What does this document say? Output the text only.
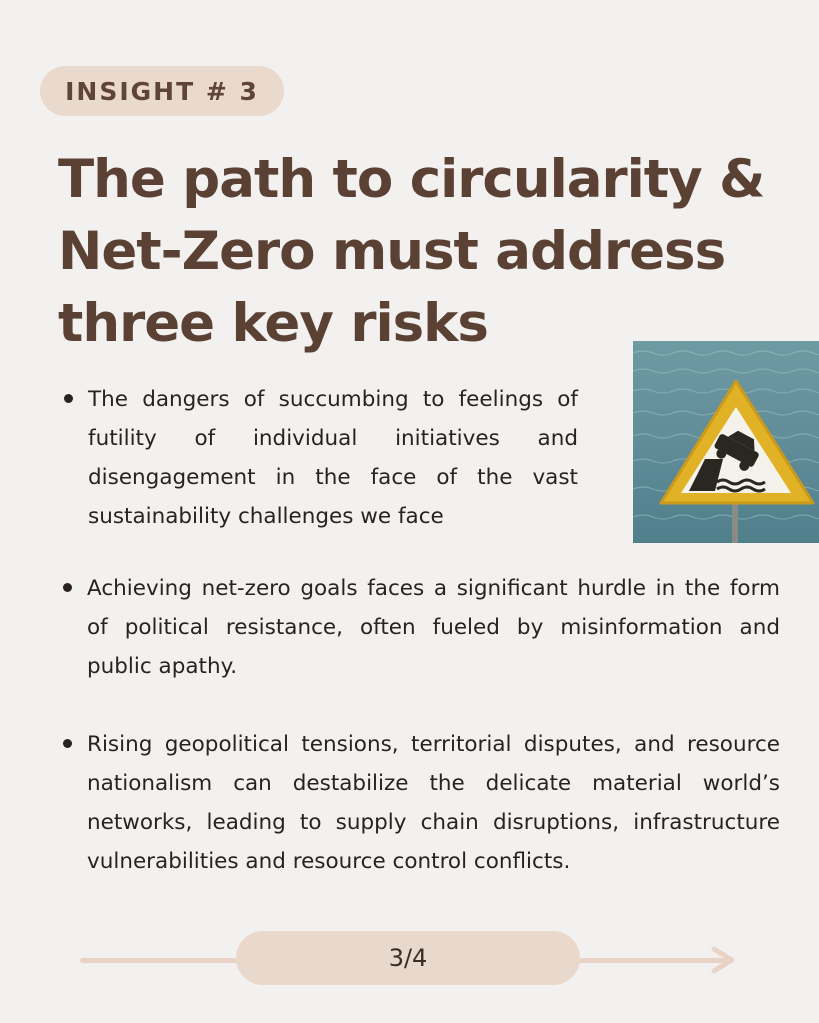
INSIGHT # 3
The path to circularity &
Net-Zero must address
three key risks
The dangers of succumbing to feelings of futility of individual initiatives and disengagement in the face of the vast sustainability challenges we face
Achieving net-zero goals faces a significant hurdle in the form of political resistance, often fueled by misinformation and public apathy.
Rising geopolitical tensions, territorial disputes, and resource nationalism can destabilize the delicate material world’s networks, leading to supply chain disruptions, infrastructure vulnerabilities and resource control conflicts.
3/4
